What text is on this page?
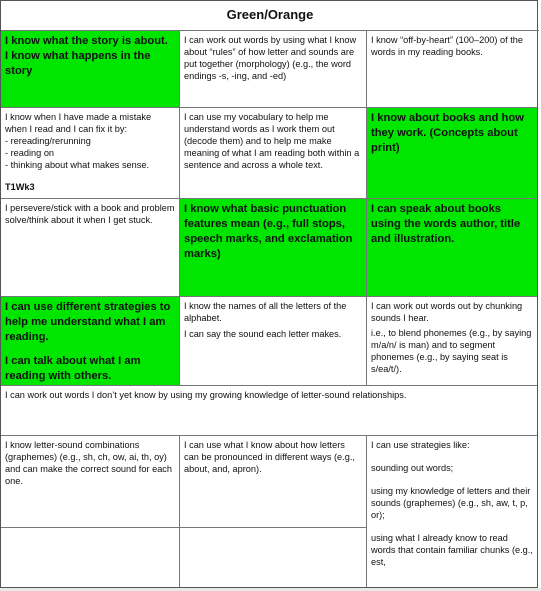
Green/Orange
I know what the story is about.
I know what happens in the story
I can work out words by using what I know about “rules” of how letter and sounds are put together (morphology) (e.g., the word endings -s, -ing, and -ed)
I know “off-by-heart” (100–200) of the words in my reading books.
I know when I have made a mistake when I read and I can fix it by:
- rereading/rerunning
- reading on
- thinking about what makes sense.
T1Wk3
I can use my vocabulary to help me understand words as I work them out (decode them) and to help me make meaning of what I am reading both within a sentence and across a whole text.
I know about books and how they work. (Concepts about print)
I persevere/stick with a book and problem solve/think about it when I get stuck.
I know what basic punctuation features mean (e.g., full stops, speech marks, and exclamation marks)
I can speak about books using the words author, title and illustration.
I can use different strategies to help me understand what I am reading.
I can talk about what I am reading with others.
I know the names of all the letters of the alphabet.
I can say the sound each letter makes.
I can work out words out by chunking sounds I hear.
i.e., to blend phonemes (e.g., by saying m/a/n/ is man) and to segment phonemes (e.g., by saying seat is s/ea/t/).
I can work out words I don’t yet know by using my growing knowledge of letter-sound relationships.
I know letter-sound combinations (graphemes) (e.g., sh, ch, ow, ai, th, oy) and can make the correct sound for each one.
I can use what I know about how letters can be pronounced in different ways (e.g., about, and, apron).
I can use strategies like:
sounding out words;
using my knowledge of letters and their sounds (graphemes) (e.g., sh, aw, t, p, or);
using what I already know to read words that contain familiar chunks (e.g., est,
